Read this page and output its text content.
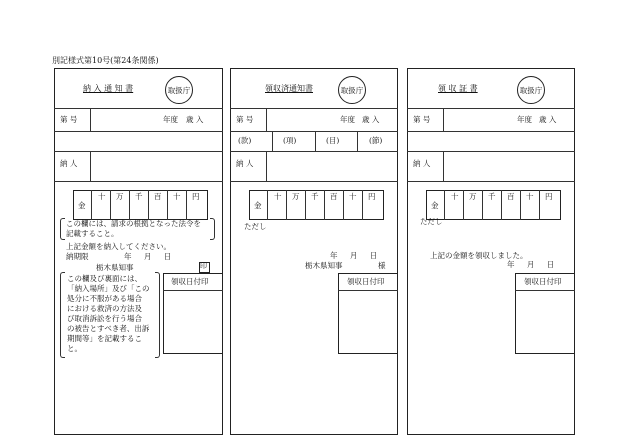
別記様式第10号(第24条関係)
納 入 通 知 書	取扱庁
第 号	年度 歳 入
納 人
金
十 万 千 百 十 円
この欄には、請求の根拠となった法令を
記載すること。
上記金額を納入してください。
納期限	年 月 日
栃木県知事	印
この欄及び裏面には、
「納入場所」及び「この
処分に不服がある場合
における救済の方法及
び取消訴訟を行う場合
の被告とすべき者、出訴
期間等」を記載するこ
と。
領収日付印
領収済通知書	取扱庁
第 号	年度 歳 入
(款)	(項)	(目)	(節)
納 人
金
十 万 千 百 十 円
ただし
年 月 日
栃木県知事	様
領収日付印
領 収 証 書	取扱庁
第 号	年度 歳 入
納 人
金
十 万 千 百 十 円
ただし
上記の金額を領収しました。
年 月 日
領収日付印
